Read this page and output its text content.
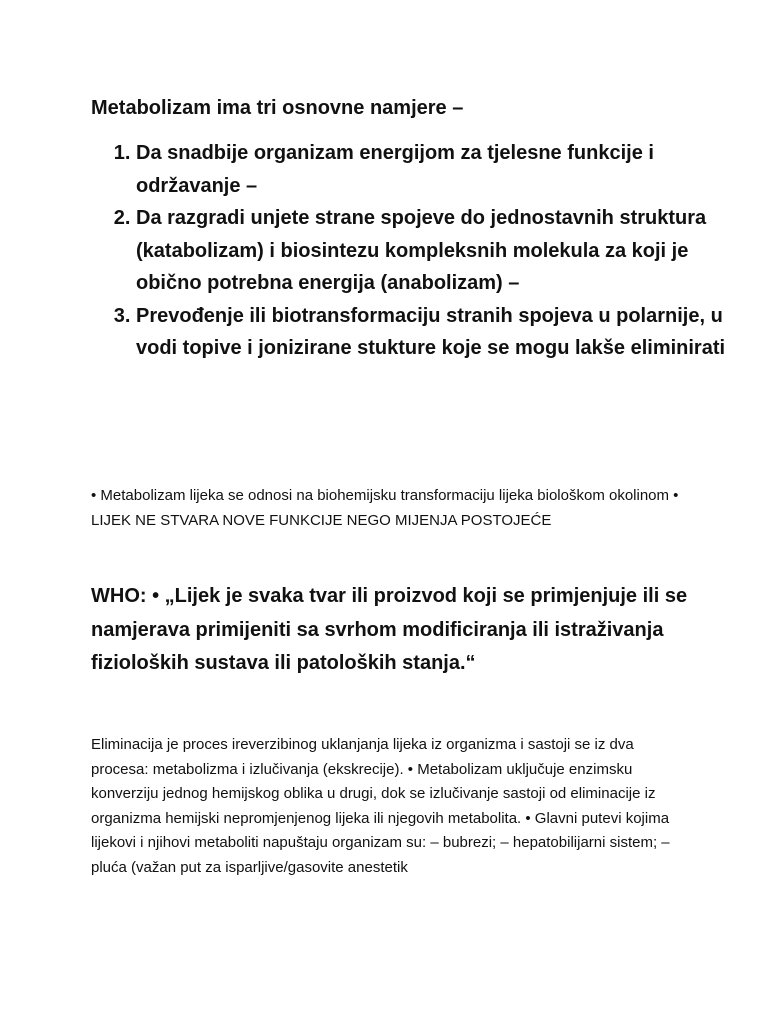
Metabolizam ima tri osnovne namjere –

1. Da snadbije organizam energijom za tjelesne funkcije i održavanje –
2. Da razgradi unjete strane spojeve do jednostavnih struktura (katabolizam) i biosintezu kompleksnih molekula za koji je obično potrebna energija (anabolizam) –
3. Prevođenje ili biotransformaciju stranih spojeva u polarnije, u vodi topive i jonizirane stukture koje se mogu lakše eliminirati

• Metabolizam lijeka se odnosi na biohemijsku transformaciju lijeka biološkom okolinom • LIJEK NE STVARA NOVE FUNKCIJE NEGO MIJENJA POSTOJEĆE

WHO: • „Lijek je svaka tvar ili proizvod koji se primjenjuje ili se namjerava primijeniti sa svrhom modificiranja ili istraživanja fizioloških sustava ili patoloških stanja.“

Eliminacija je proces ireverzibinog uklanjanja lijeka iz organizma i sastoji se iz dva procesa: metabolizma i izlučivanja (ekskrecije). • Metabolizam uključuje enzimsku konverziju jednog hemijskog oblika u drugi, dok se izlučivanje sastoji od eliminacije iz organizma hemijski nepromjenjenog lijeka ili njegovih metabolita. • Glavni putevi kojima lijekovi i njihovi metaboliti napuštaju organizam su: – bubrezi; – hepatobilijarni sistem; – pluća (važan put za isparljive/gasovite anestetik
